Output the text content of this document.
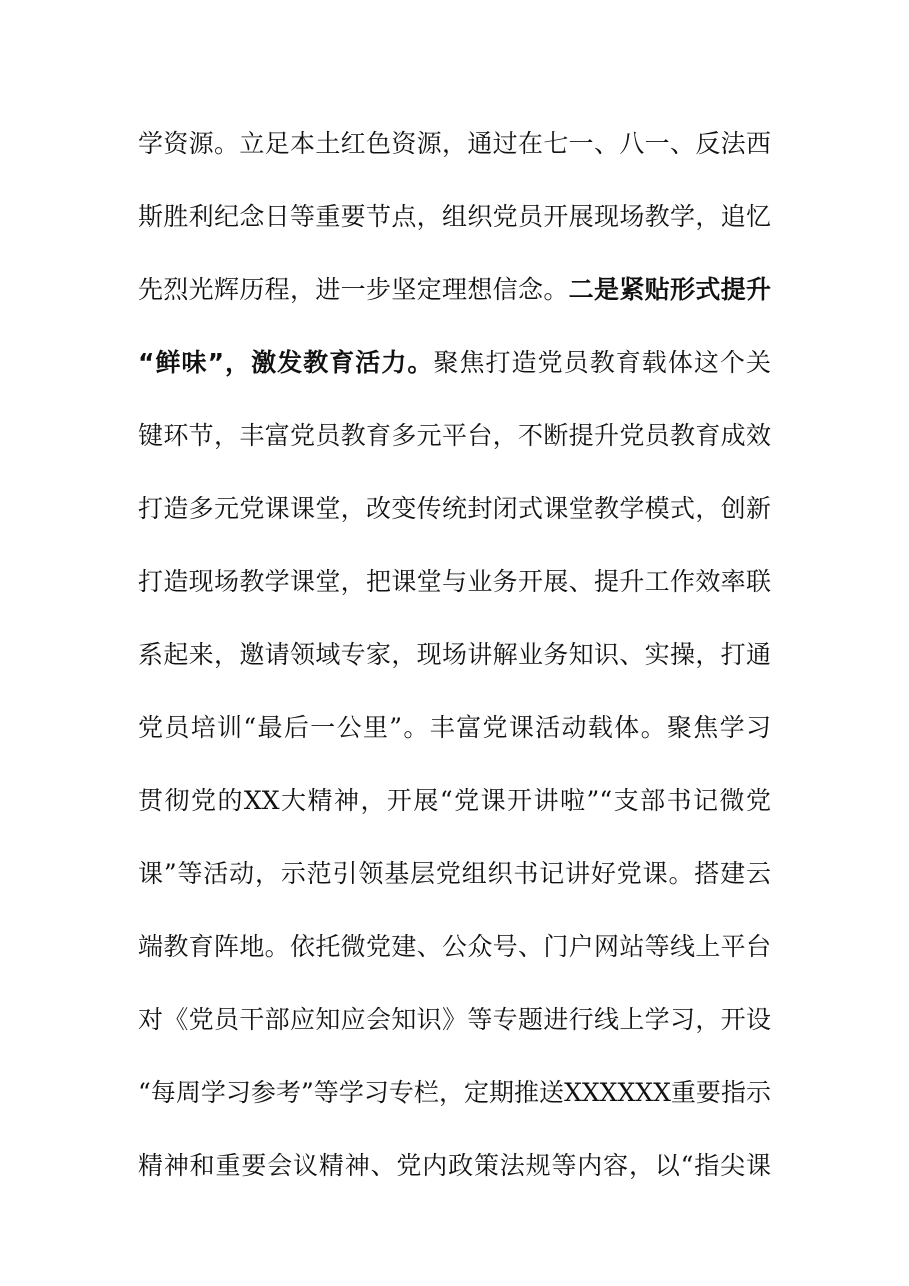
学资源。立足本土红色资源，通过在七一、八一、反法西
斯胜利纪念日等重要节点，组织党员开展现场教学，追忆
先烈光辉历程，进一步坚定理想信念。二是紧贴形式提升
“鲜味”，激发教育活力。聚焦打造党员教育载体这个关
键环节，丰富党员教育多元平台，不断提升党员教育成效
打造多元党课课堂，改变传统封闭式课堂教学模式，创新
打造现场教学课堂，把课堂与业务开展、提升工作效率联
系起来，邀请领域专家，现场讲解业务知识、实操，打通
党员培训“最后一公里”。丰富党课活动载体。聚焦学习
贯彻党的XX大精神，开展“党课开讲啦”“支部书记微党
课”等活动，示范引领基层党组织书记讲好党课。搭建云
端教育阵地。依托微党建、公众号、门户网站等线上平台
对《党员干部应知应会知识》等专题进行线上学习，开设
“每周学习参考”等学习专栏，定期推送XXXXXX重要指示
精神和重要会议精神、党内政策法规等内容，以“指尖课
